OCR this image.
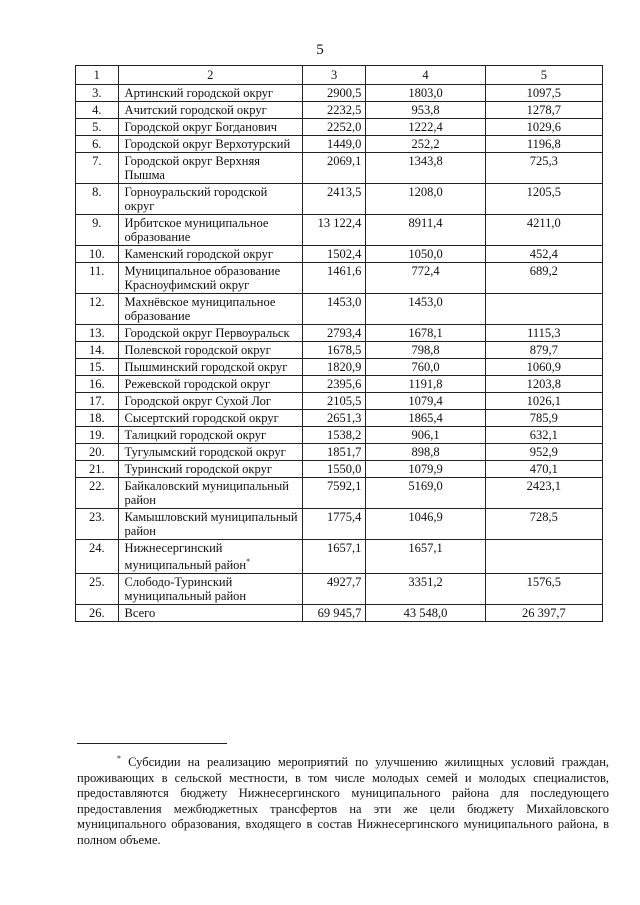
5
1	2	3	4	5
3.	Артинский городской округ	2900,5	1803,0	1097,5
4.	Ачитский городской округ	2232,5	953,8	1278,7
5.	Городской округ Богданович	2252,0	1222,4	1029,6
6.	Городской округ Верхотурский	1449,0	252,2	1196,8
7.	Городской округ Верхняя Пышма	2069,1	1343,8	725,3
8.	Горноуральский городской округ	2413,5	1208,0	1205,5
9.	Ирбитское муниципальное образование	13 122,4	8911,4	4211,0
10.	Каменский городской округ	1502,4	1050,0	452,4
11.	Муниципальное образование Красноуфимский округ	1461,6	772,4	689,2
12.	Махнёвское муниципальное образование	1453,0	1453,0	
13.	Городской округ Первоуральск	2793,4	1678,1	1115,3
14.	Полевской городской округ	1678,5	798,8	879,7
15.	Пышминский городской округ	1820,9	760,0	1060,9
16.	Режевской городской округ	2395,6	1191,8	1203,8
17.	Городской округ Сухой Лог	2105,5	1079,4	1026,1
18.	Сысертский городской округ	2651,3	1865,4	785,9
19.	Талицкий городской округ	1538,2	906,1	632,1
20.	Тугулымский городской округ	1851,7	898,8	952,9
21.	Туринский городской округ	1550,0	1079,9	470,1
22.	Байкаловский муниципальный район	7592,1	5169,0	2423,1
23.	Камышловский муниципальный район	1775,4	1046,9	728,5
24.	Нижнесергинский муниципальный район*	1657,1	1657,1	
25.	Слободо-Туринский муниципальный район	4927,7	3351,2	1576,5
26.	Всего	69 945,7	43 548,0	26 397,7
* Субсидии на реализацию мероприятий по улучшению жилищных условий граждан, проживающих в сельской местности, в том числе молодых семей и молодых специалистов, предоставляются бюджету Нижнесергинского муниципального района для последующего предоставления межбюджетных трансфертов на эти же цели бюджету Михайловского муниципального образования, входящего в состав Нижнесергинского муниципального района, в полном объеме.
